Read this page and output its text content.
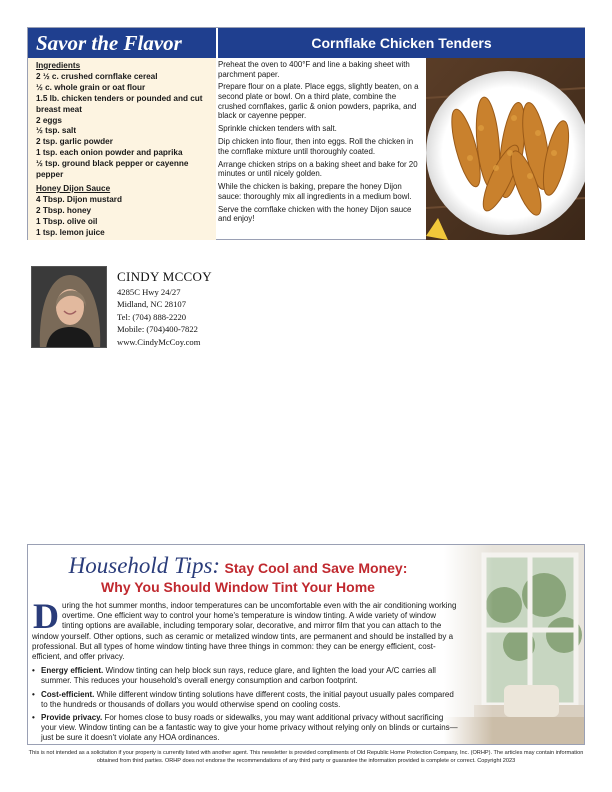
Savor the Flavor	Cornflake Chicken Tenders
Ingredients
2 ½ c. crushed cornflake cereal
½ c. whole grain or oat flour
1.5 lb. chicken tenders or pounded and cut breast meat
2 eggs
½ tsp. salt
2 tsp. garlic powder
1 tsp. each onion powder and paprika
½ tsp. ground black pepper or cayenne pepper
Honey Dijon Sauce
4 Tbsp. Dijon mustard
2 Tbsp. honey
1 Tbsp. olive oil
1 tsp. lemon juice

Preheat the oven to 400°F and line a baking sheet with parchment paper.

Prepare flour on a plate. Place eggs, slightly beaten, on a second plate or bowl. On a third plate, combine the crushed cornflakes, garlic & onion powders, paprika, and black or cayenne pepper.

Sprinkle chicken tenders with salt.

Dip chicken into flour, then into eggs. Roll the chicken in the cornflake mixture until thoroughly coated.

Arrange chicken strips on a baking sheet and bake for 20 minutes or until nicely golden.

While the chicken is baking, prepare the honey Dijon sauce: thoroughly mix all ingredients in a medium bowl.

Serve the cornflake chicken with the honey Dijon sauce and enjoy!

CINDY MCCOY
4285C Hwy 24/27
Midland, NC 28107
Tel: (704) 888-2220
Mobile: (704)400-7822
www.CindyMcCoy.com
Household Tips: Stay Cool and Save Money:
Why You Should Window Tint Your Home

During the hot summer months, indoor temperatures can be uncomfortable even with the air conditioning working overtime. One efficient way to control your home's temperature is window tinting. A wide variety of window tinting options are available, including temporary solar, decorative, and mirror film that you can attach to the window yourself. Other options, such as ceramic or metalized window tints, are permanent and should be installed by a professional. But all types of home window tinting have three things in common: they can be energy efficient, cost-efficient, and offer privacy.

• Energy efficient. Window tinting can help block sun rays, reduce glare, and lighten the load your A/C carries all summer. This reduces your household's overall energy consumption and carbon footprint.
• Cost-efficient. While different window tinting solutions have different costs, the initial payout usually pales compared to the hundreds or thousands of dollars you would otherwise spend on cooling costs.
• Provide privacy. For homes close to busy roads or sidewalks, you may want additional privacy without sacrificing your view. Window tinting can be a fantastic way to give your home privacy without relying only on blinds or curtains—just be sure it doesn't violate any HOA ordinances.
This is not intended as a solicitation if your property is currently listed with another agent. This newsletter is provided compliments of Old Republic Home Protection Company, Inc. (ORHP). The articles may contain information obtained from third parties. ORHP does not endorse the recommendations of any third party or guarantee the information provided is complete or correct. Copyright 2023
